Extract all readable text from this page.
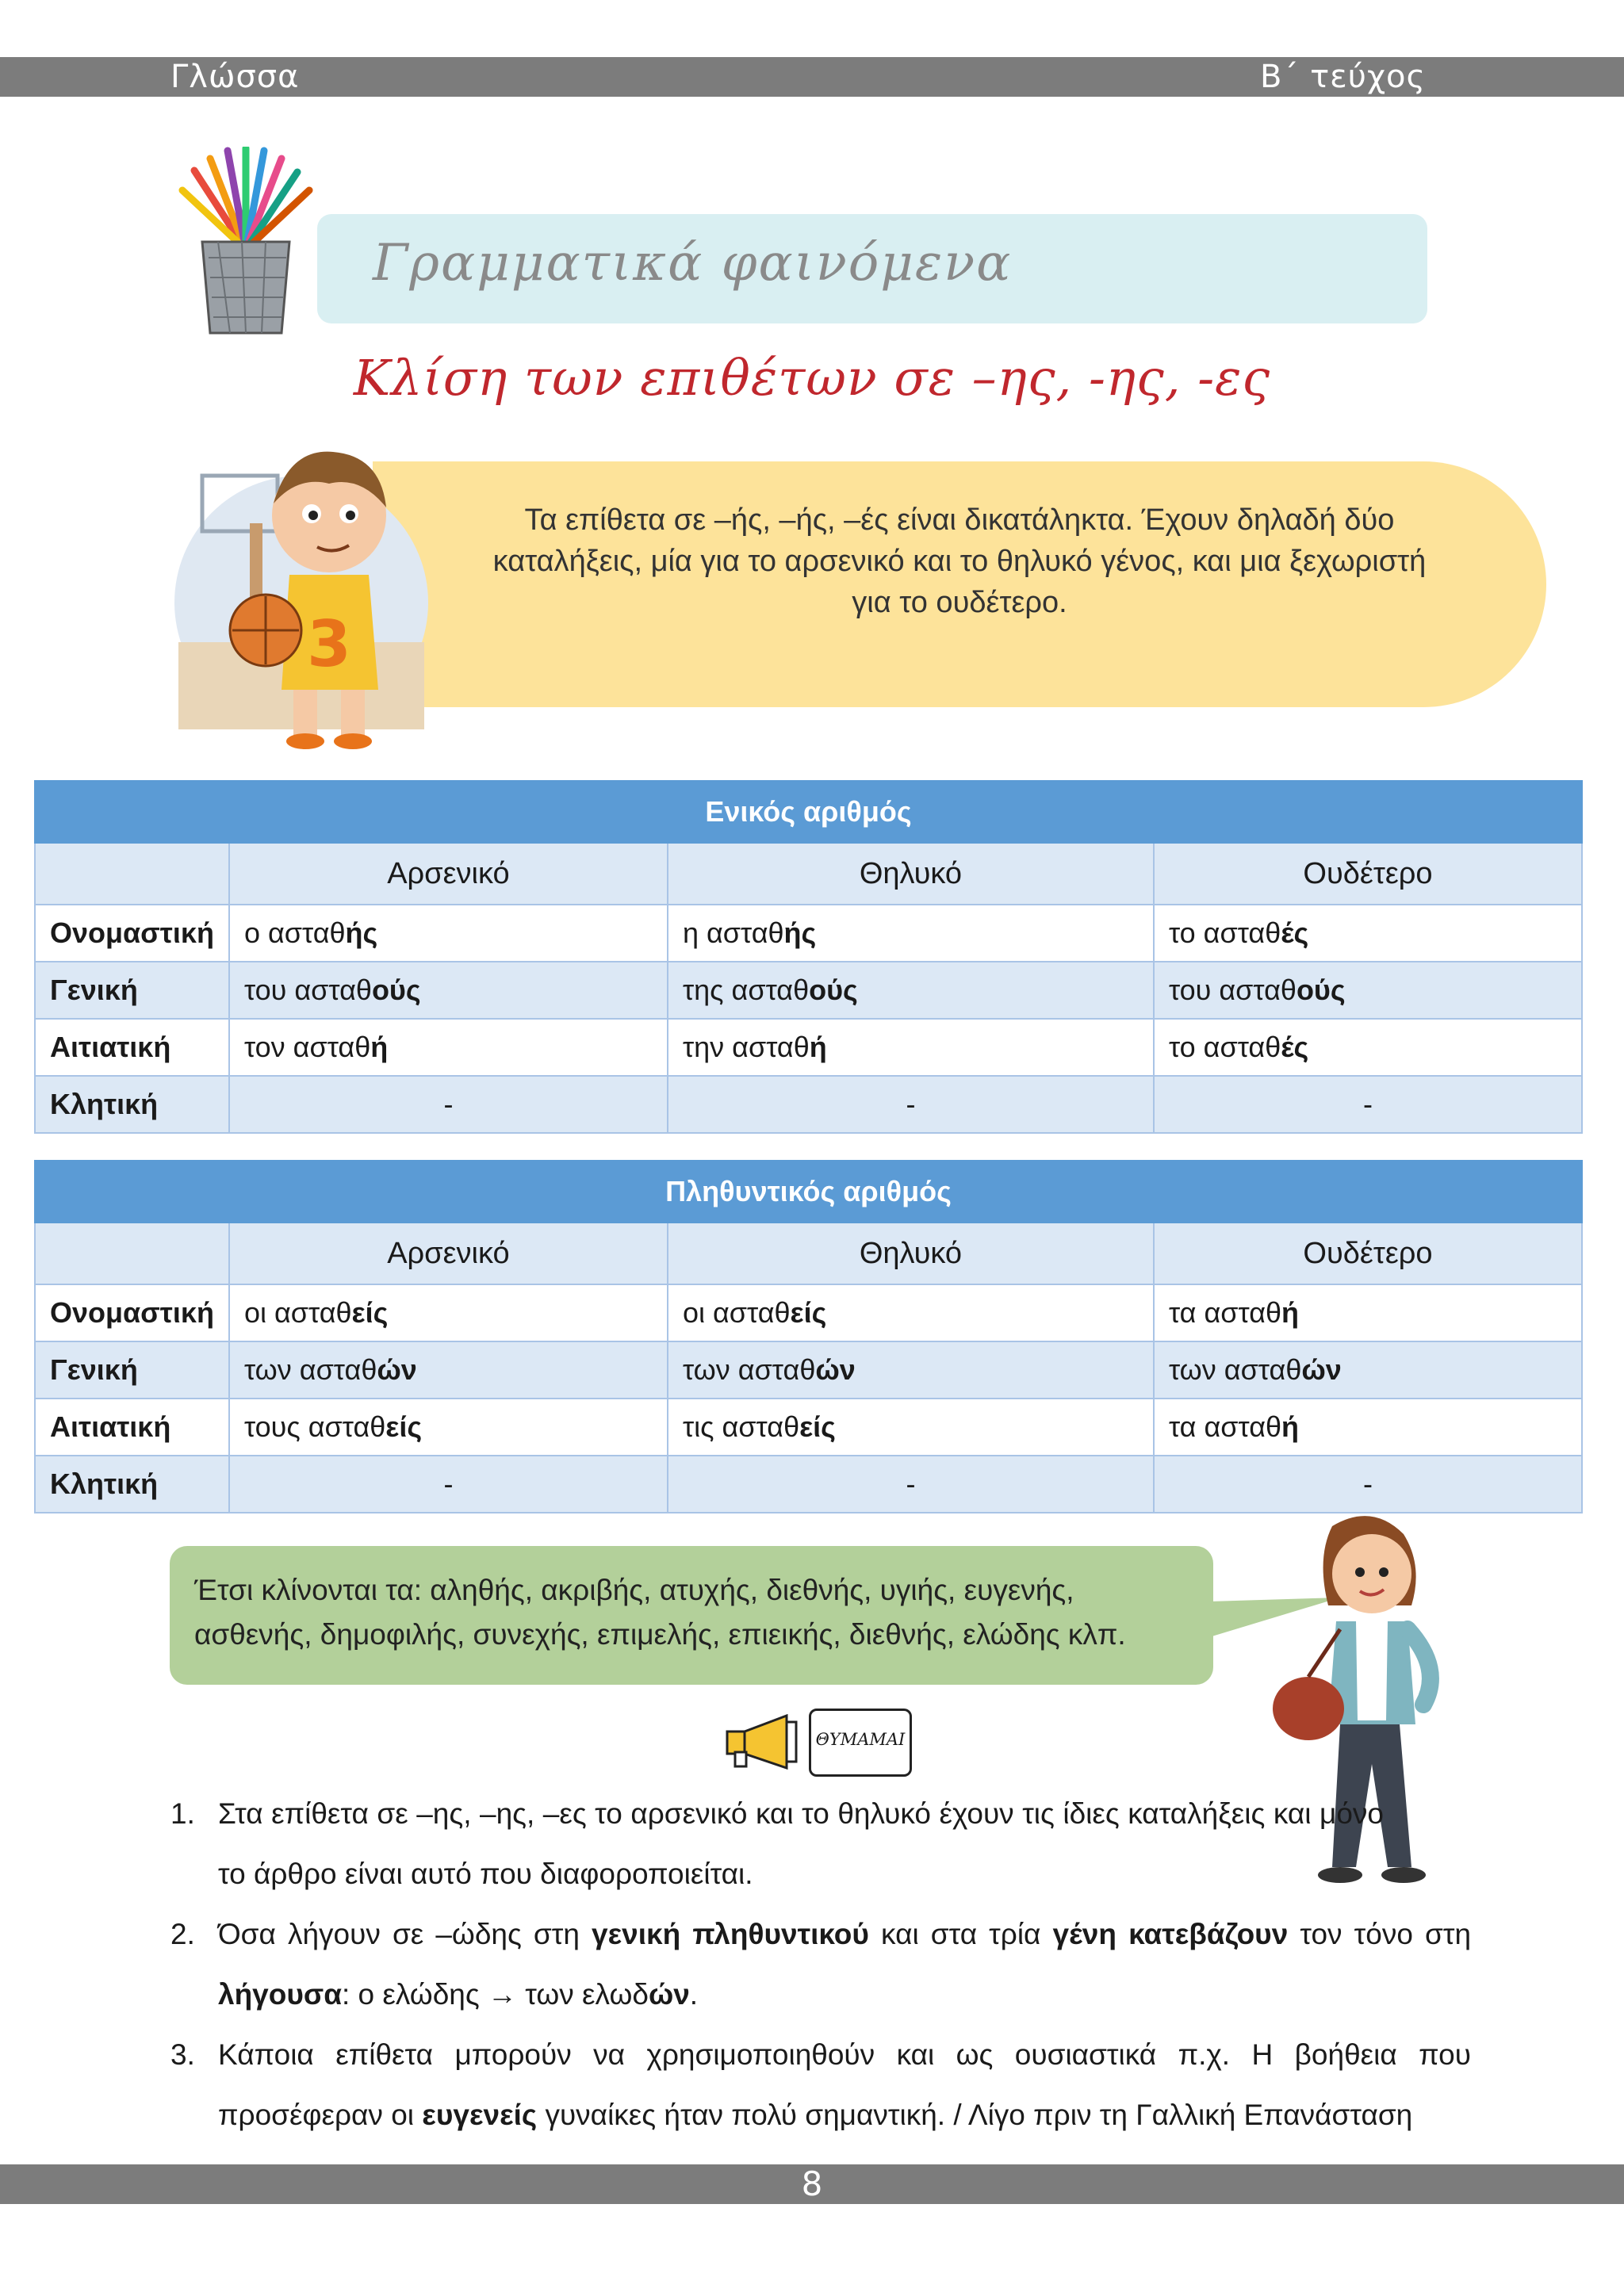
Γλώσσα	Β΄ τεύχος
Γραμματικά φαινόμενα
Κλίση των επιθέτων σε –ης, -ης, -ες
Τα επίθετα σε –ής, –ής, –ές είναι δικατάληκτα. Έχουν δηλαδή δύο
καταλήξεις, μία για το αρσενικό και το θηλυκό γένος, και μια ξεχωριστή
για το ουδέτερο.
3
Ενικός αριθμός			
	Αρσενικό	Θηλυκό	Ουδέτερο
Ονομαστική	ο ασταθής	η ασταθής	το ασταθές
Γενική	του ασταθούς	της ασταθούς	του ασταθούς
Αιτιατική	τον ασταθή	την ασταθή	το ασταθές
Κλητική	-	-	-
Πληθυντικός αριθμός			
	Αρσενικό	Θηλυκό	Ουδέτερο
Ονομαστική	οι ασταθείς	οι ασταθείς	τα ασταθή
Γενική	των ασταθών	των ασταθών	των ασταθών
Αιτιατική	τους ασταθείς	τις ασταθείς	τα ασταθή
Κλητική	-	-	-
Έτσι κλίνονται τα: αληθής, ακριβής, ατυχής, διεθνής, υγιής, ευγενής,
ασθενής, δημοφιλής, συνεχής, επιμελής, επιεικής, διεθνής, ελώδης κλπ.
ΘΥΜΑΜΑΙ
1. Στα επίθετα σε –ης, –ης, –ες το αρσενικό και το θηλυκό έχουν τις ίδιες καταλήξεις και μόνο το άρθρο είναι αυτό που διαφοροποιείται.
2. Όσα λήγουν σε –ώδης στη γενική πληθυντικού και στα τρία γένη κατεβάζουν τον τόνο στη λήγουσα: ο ελώδης → των ελωδών.
3. Κάποια επίθετα μπορούν να χρησιμοποιηθούν και ως ουσιαστικά π.χ. Η βοήθεια που προσέφεραν οι ευγενείς γυναίκες ήταν πολύ σημαντική. / Λίγο πριν τη Γαλλική Επανάσταση
8
